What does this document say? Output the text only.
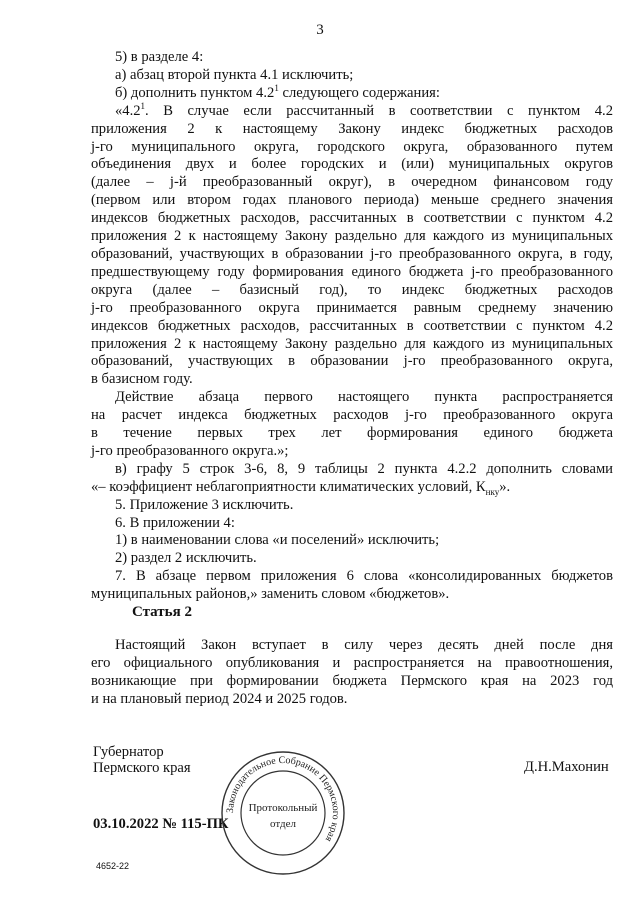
3
5) в разделе 4:
а) абзац второй пункта 4.1 исключить;
б) дополнить пунктом $4.2^1$ следующего содержания:
«$4.2^1$. В случае если рассчитанный в соответствии с пунктом 4.2
приложения 2 к настоящему Закону индекс бюджетных расходов
j-го муниципального округа, городского округа, образованного путем
объединения двух и более городских и (или) муниципальных округов
(далее – j-й преобразованный округ), в очередном финансовом году
(первом или втором годах планового периода) меньше среднего значения
индексов бюджетных расходов, рассчитанных в соответствии с пунктом 4.2
приложения 2 к настоящему Закону раздельно для каждого из муниципальных
образований, участвующих в образовании j-го преобразованного округа, в году,
предшествующему году формирования единого бюджета j-го преобразованного
округа (далее – базисный год), то индекс бюджетных расходов
j-го преобразованного округа принимается равным среднему значению
индексов бюджетных расходов, рассчитанных в соответствии с пунктом 4.2
приложения 2 к настоящему Закону раздельно для каждого из муниципальных
образований, участвующих в образовании j-го преобразованного округа,
в базисном году.
Действие абзаца первого настоящего пункта распространяется
на расчет индекса бюджетных расходов j-го преобразованного округа
в течение первых трех лет формирования единого бюджета
j-го преобразованного округа.»;
в) графу 5 строк 3-6, 8, 9 таблицы 2 пункта 4.2.2 дополнить словами
«– коэффициент неблагоприятности климатических условий, $К_{нку}$».
5. Приложение 3 исключить.
6. В приложении 4:
1) в наименовании слова «и поселений» исключить;
2) раздел 2 исключить.
7. В абзаце первом приложения 6 слова «консолидированных бюджетов
муниципальных районов,» заменить словом «бюджетов».
Статья 2
Настоящий Закон вступает в силу через десять дней после дня
его официального опубликования и распространяется на правоотношения,
возникающие при формировании бюджета Пермского края на 2023 год
и на плановый период 2024 и 2025 годов.
Губернатор
Пермского края	Д.Н.Махонин
03.10.2022 № 115-ПК
4652-22
Законодательное Собрание Пермского края
Протокольный
отдел
